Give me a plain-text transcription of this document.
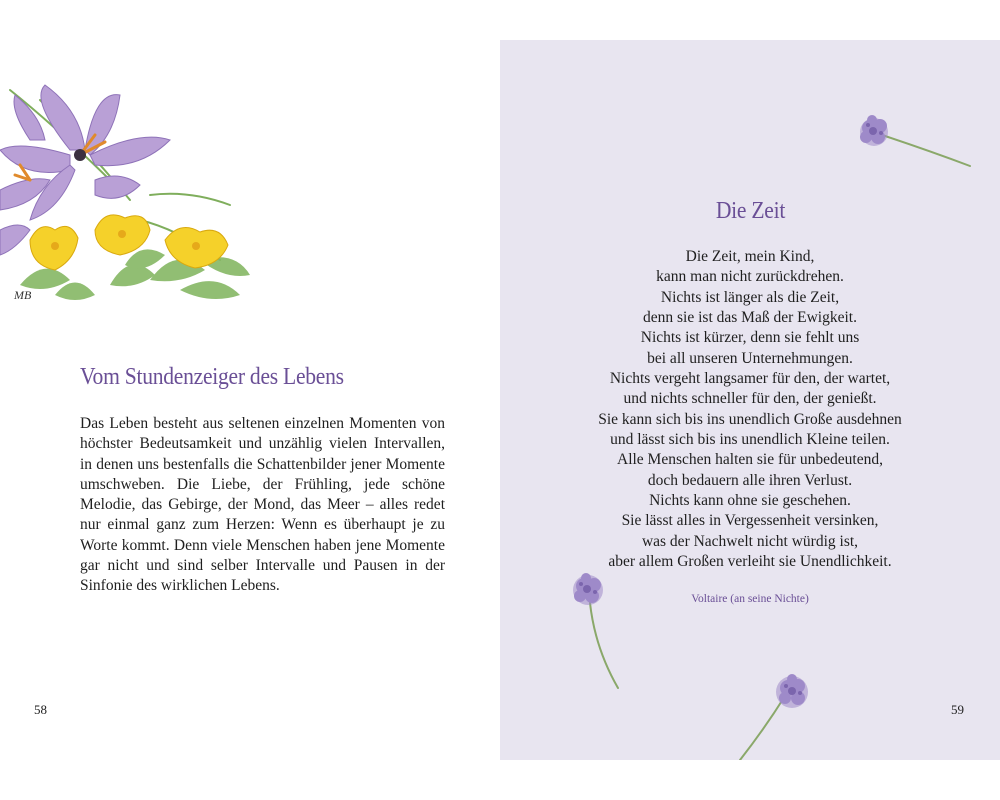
MB
Vom Stundenzeiger des Lebens

Das Leben besteht aus seltenen einzelnen Momenten von höchster Bedeutsamkeit und unzählig vielen Intervallen, in denen uns bestenfalls die Schattenbilder jener Momente umschweben. Die Liebe, der Frühling, jede schöne Melodie, das Gebirge, der Mond, das Meer – alles redet nur einmal ganz zum Herzen: Wenn es überhaupt je zu Worte kommt. Denn viele Menschen haben jene Momente gar nicht und sind selber Intervalle und Pausen in der Sinfonie des wirklichen Lebens.

58
Die Zeit
Die Zeit, mein Kind,
kann man nicht zurückdrehen.
Nichts ist länger als die Zeit,
denn sie ist das Maß der Ewigkeit.
Nichts ist kürzer, denn sie fehlt uns
bei all unseren Unternehmungen.
Nichts vergeht langsamer für den, der wartet,
und nichts schneller für den, der genießt.
Sie kann sich bis ins unendlich Große ausdehnen
und lässt sich bis ins unendlich Kleine teilen.
Alle Menschen halten sie für unbedeutend,
doch bedauern alle ihren Verlust.
Nichts kann ohne sie geschehen.
Sie lässt alles in Vergessenheit versinken,
was der Nachwelt nicht würdig ist,
aber allem Großen verleiht sie Unendlichkeit.
Voltaire (an seine Nichte)
59
